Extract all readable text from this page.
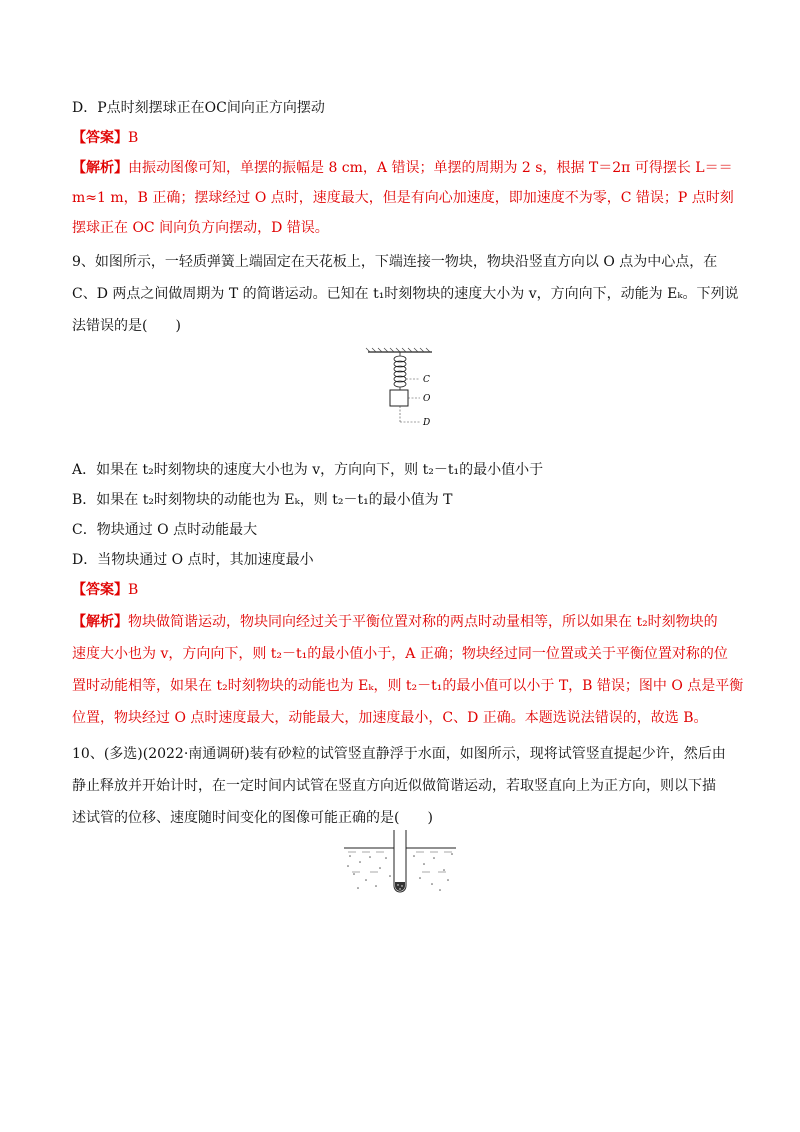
D．P点时刻摆球正在OC间向正方向摆动
【答案】B
【解析】由振动图像可知，单摆的振幅是 8 cm，A 错误；单摆的周期为 2 s，根据 T＝2π 可得摆长 L＝＝
m≈1 m，B 正确；摆球经过 O 点时，速度最大，但是有向心加速度，即加速度不为零，C 错误；P 点时刻
摆球正在 OC 间向负方向摆动，D 错误。
9、如图所示，一轻质弹簧上端固定在天花板上，下端连接一物块，物块沿竖直方向以 O 点为中心点，在
C、D 两点之间做周期为 T 的简谐运动。已知在 t₁时刻物块的速度大小为 v，方向向下，动能为 Eₖ。下列说
法错误的是(　　)
C
O
D
A．如果在 t₂时刻物块的速度大小也为 v，方向向下，则 t₂－t₁的最小值小于
B．如果在 t₂时刻物块的动能也为 Eₖ，则 t₂－t₁的最小值为 T
C．物块通过 O 点时动能最大
D．当物块通过 O 点时，其加速度最小
【答案】B
【解析】物块做简谐运动，物块同向经过关于平衡位置对称的两点时动量相等，所以如果在 t₂时刻物块的
速度大小也为 v，方向向下，则 t₂－t₁的最小值小于，A 正确；物块经过同一位置或关于平衡位置对称的位
置时动能相等，如果在 t₂时刻物块的动能也为 Eₖ，则 t₂－t₁的最小值可以小于 T，B 错误；图中 O 点是平衡
位置，物块经过 O 点时速度最大，动能最大，加速度最小，C、D 正确。本题选说法错误的，故选 B。
10、(多选)(2022·南通调研)装有砂粒的试管竖直静浮于水面，如图所示，现将试管竖直提起少许，然后由
静止释放并开始计时，在一定时间内试管在竖直方向近似做简谐运动，若取竖直向上为正方向，则以下描
述试管的位移、速度随时间变化的图像可能正确的是(　　)
